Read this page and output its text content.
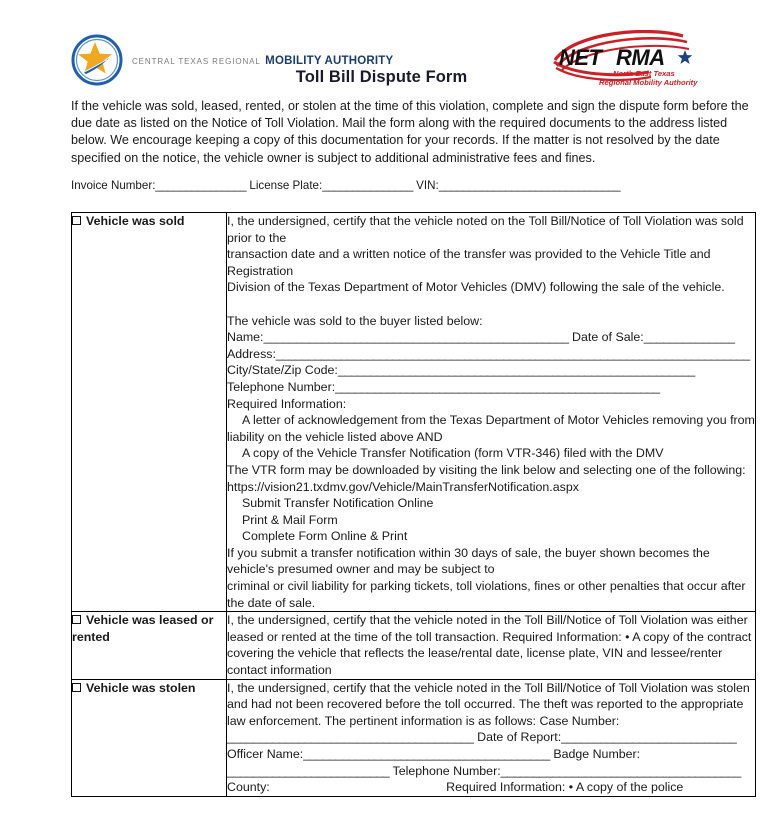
CENTRAL TEXAS REGIONAL MOBILITY AUTHORITY	NET RMA
North East Texas
Regional Mobility Authority
Toll Bill Dispute Form
If the vehicle was sold, leased, rented, or stolen at the time of this violation, complete and sign the dispute form before the due date as listed on the Notice of Toll Violation. Mail the form along with the required documents to the address listed below. We encourage keeping a copy of this documentation for your records. If the matter is not resolved by the date specified on the notice, the vehicle owner is subject to additional administrative fees and fines.
Invoice Number:_______________ License Plate:_______________ VIN:______________________________
Vehicle was sold	I, the undersigned, certify that the vehicle noted on the Toll Bill/Notice of Toll Violation was sold prior to the

transaction date and a written notice of the transfer was provided to the Vehicle Title and Registration

Division of the Texas Department of Motor Vehicles (DMV) following the sale of the vehicle.

The vehicle was sold to the buyer listed below:

Name:_______________________________________________ Date of Sale:______________

Address:_________________________________________________________________________

City/State/Zip Code:_______________________________________________________

Telephone Number:__________________________________________________

Required Information:

A letter of acknowledgement from the Texas Department of Motor Vehicles removing you from

liability on the vehicle listed above AND

A copy of the Vehicle Transfer Notification (form VTR-346) filed with the DMV

The VTR form may be downloaded by visiting the link below and selecting one of the following:

https://vision21.txdmv.gov/Vehicle/MainTransferNotification.aspx

Submit Transfer Notification Online

Print & Mail Form

Complete Form Online & Print

If you submit a transfer notification within 30 days of sale, the buyer shown becomes the vehicle's presumed owner and may be subject to

criminal or civil liability for parking tickets, toll violations, fines or other penalties that occur after the date of sale.

Vehicle was leased or rented	I, the undersigned, certify that the vehicle noted in the Toll Bill/Notice of Toll Violation was either leased or rented at the time of the toll transaction. Required Information: • A copy of the contract covering the vehicle that reflects the lease/rental date, license plate, VIN and lessee/renter contact information

Vehicle was stolen	I, the undersigned, certify that the vehicle noted in the Toll Bill/Notice of Toll Violation was stolen and had not been recovered before the toll occurred. The theft was reported to the appropriate law enforcement. The pertinent information is as follows: Case Number:

______________________________________ Date of Report:___________________________

Officer Name:______________________________________ Badge Number:

_________________________ Telephone Number:_____________________________________

County: Required Information: • A copy of the police
